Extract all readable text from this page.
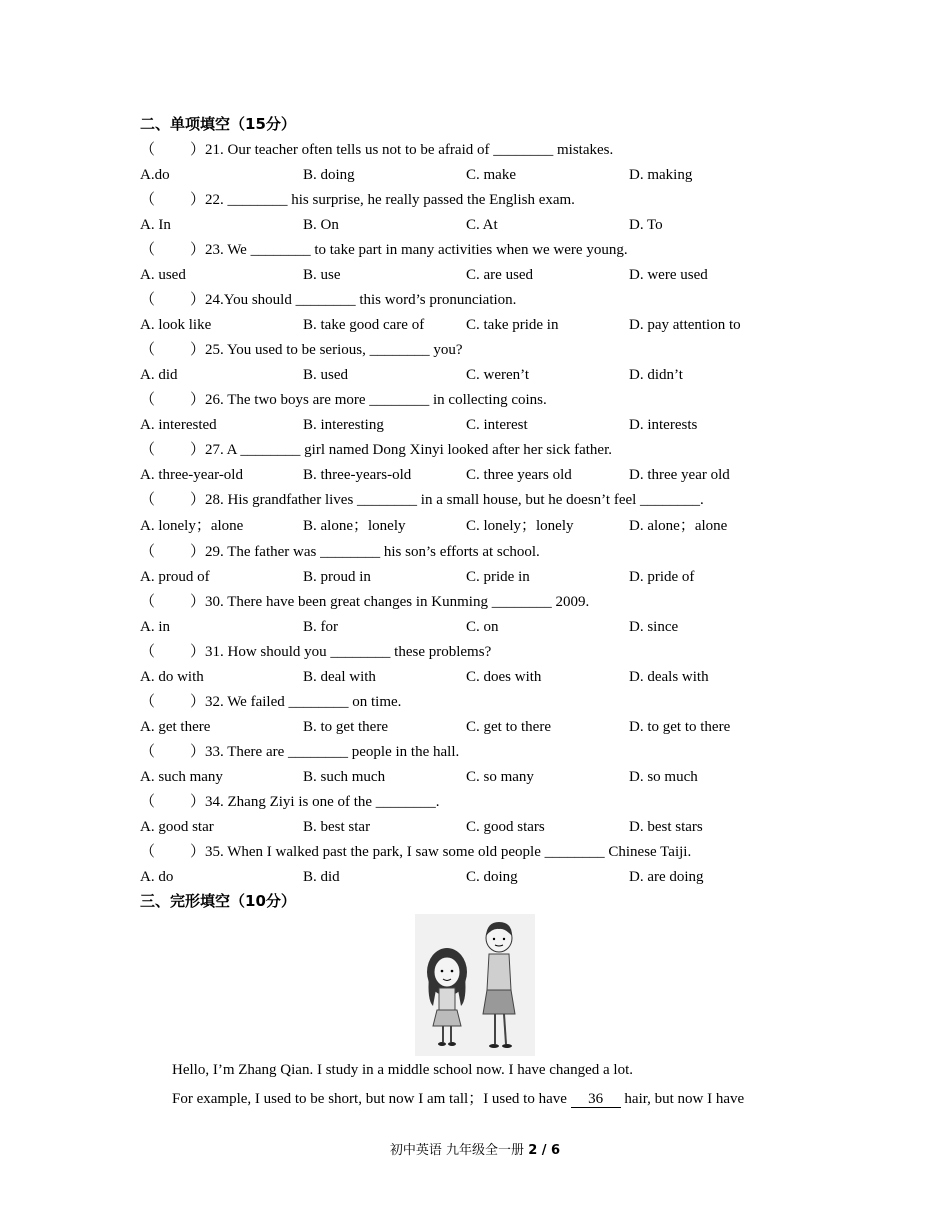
二、单项填空（15分）
（ ）21. Our teacher often tells us not to be afraid of ________ mistakes.
A.do	B. doing	C. make	D. making
（ ）22. ________ his surprise, he really passed the English exam.
A. In	B. On	C. At	D. To
（ ）23. We ________ to take part in many activities when we were young.
A. used	B. use	C. are used	D. were used
（ ）24.You should ________ this word’s pronunciation.
A. look like	B. take good care of	C. take pride in	D. pay attention to
（ ）25. You used to be serious, ________ you?
A. did	B. used	C. weren’t	D. didn’t
（ ）26. The two boys are more ________ in collecting coins.
A. interested	B. interesting	C. interest	D. interests
（ ）27. A ________ girl named Dong Xinyi looked after her sick father.
A. three-year-old	B. three-years-old	C. three years old	D. three year old
（ ）28. His grandfather lives ________ in a small house, but he doesn’t feel ________.
A. lonely；alone	B. alone；lonely	C. lonely；lonely	D. alone；alone
（ ）29. The father was ________ his son’s efforts at school.
A. proud of	B. proud in	C. pride in	D. pride of
（ ）30. There have been great changes in Kunming ________ 2009.
A. in	B. for	C. on	D. since
（ ）31. How should you ________ these problems?
A. do with	B. deal with	C. does with	D. deals with
（ ）32. We failed ________ on time.
A. get there	B. to get there	C. get to there	D. to get to there
（ ）33. There are ________ people in the hall.
A. such many	B. such much	C. so many	D. so much
（ ）34. Zhang Ziyi is one of the ________.
A. good star	B. best star	C. good stars	D. best stars
（ ）35. When I walked past the park, I saw some old people ________ Chinese Taiji.
A. do	B. did	C. doing	D. are doing
三、完形填空（10分）
Hello, I’m Zhang Qian. I study in a middle school now. I have changed a lot.
For example, I used to be short, but now I am tall；I used to have 36 hair, but now I have
初中英语 九年级全一册 2 / 6
